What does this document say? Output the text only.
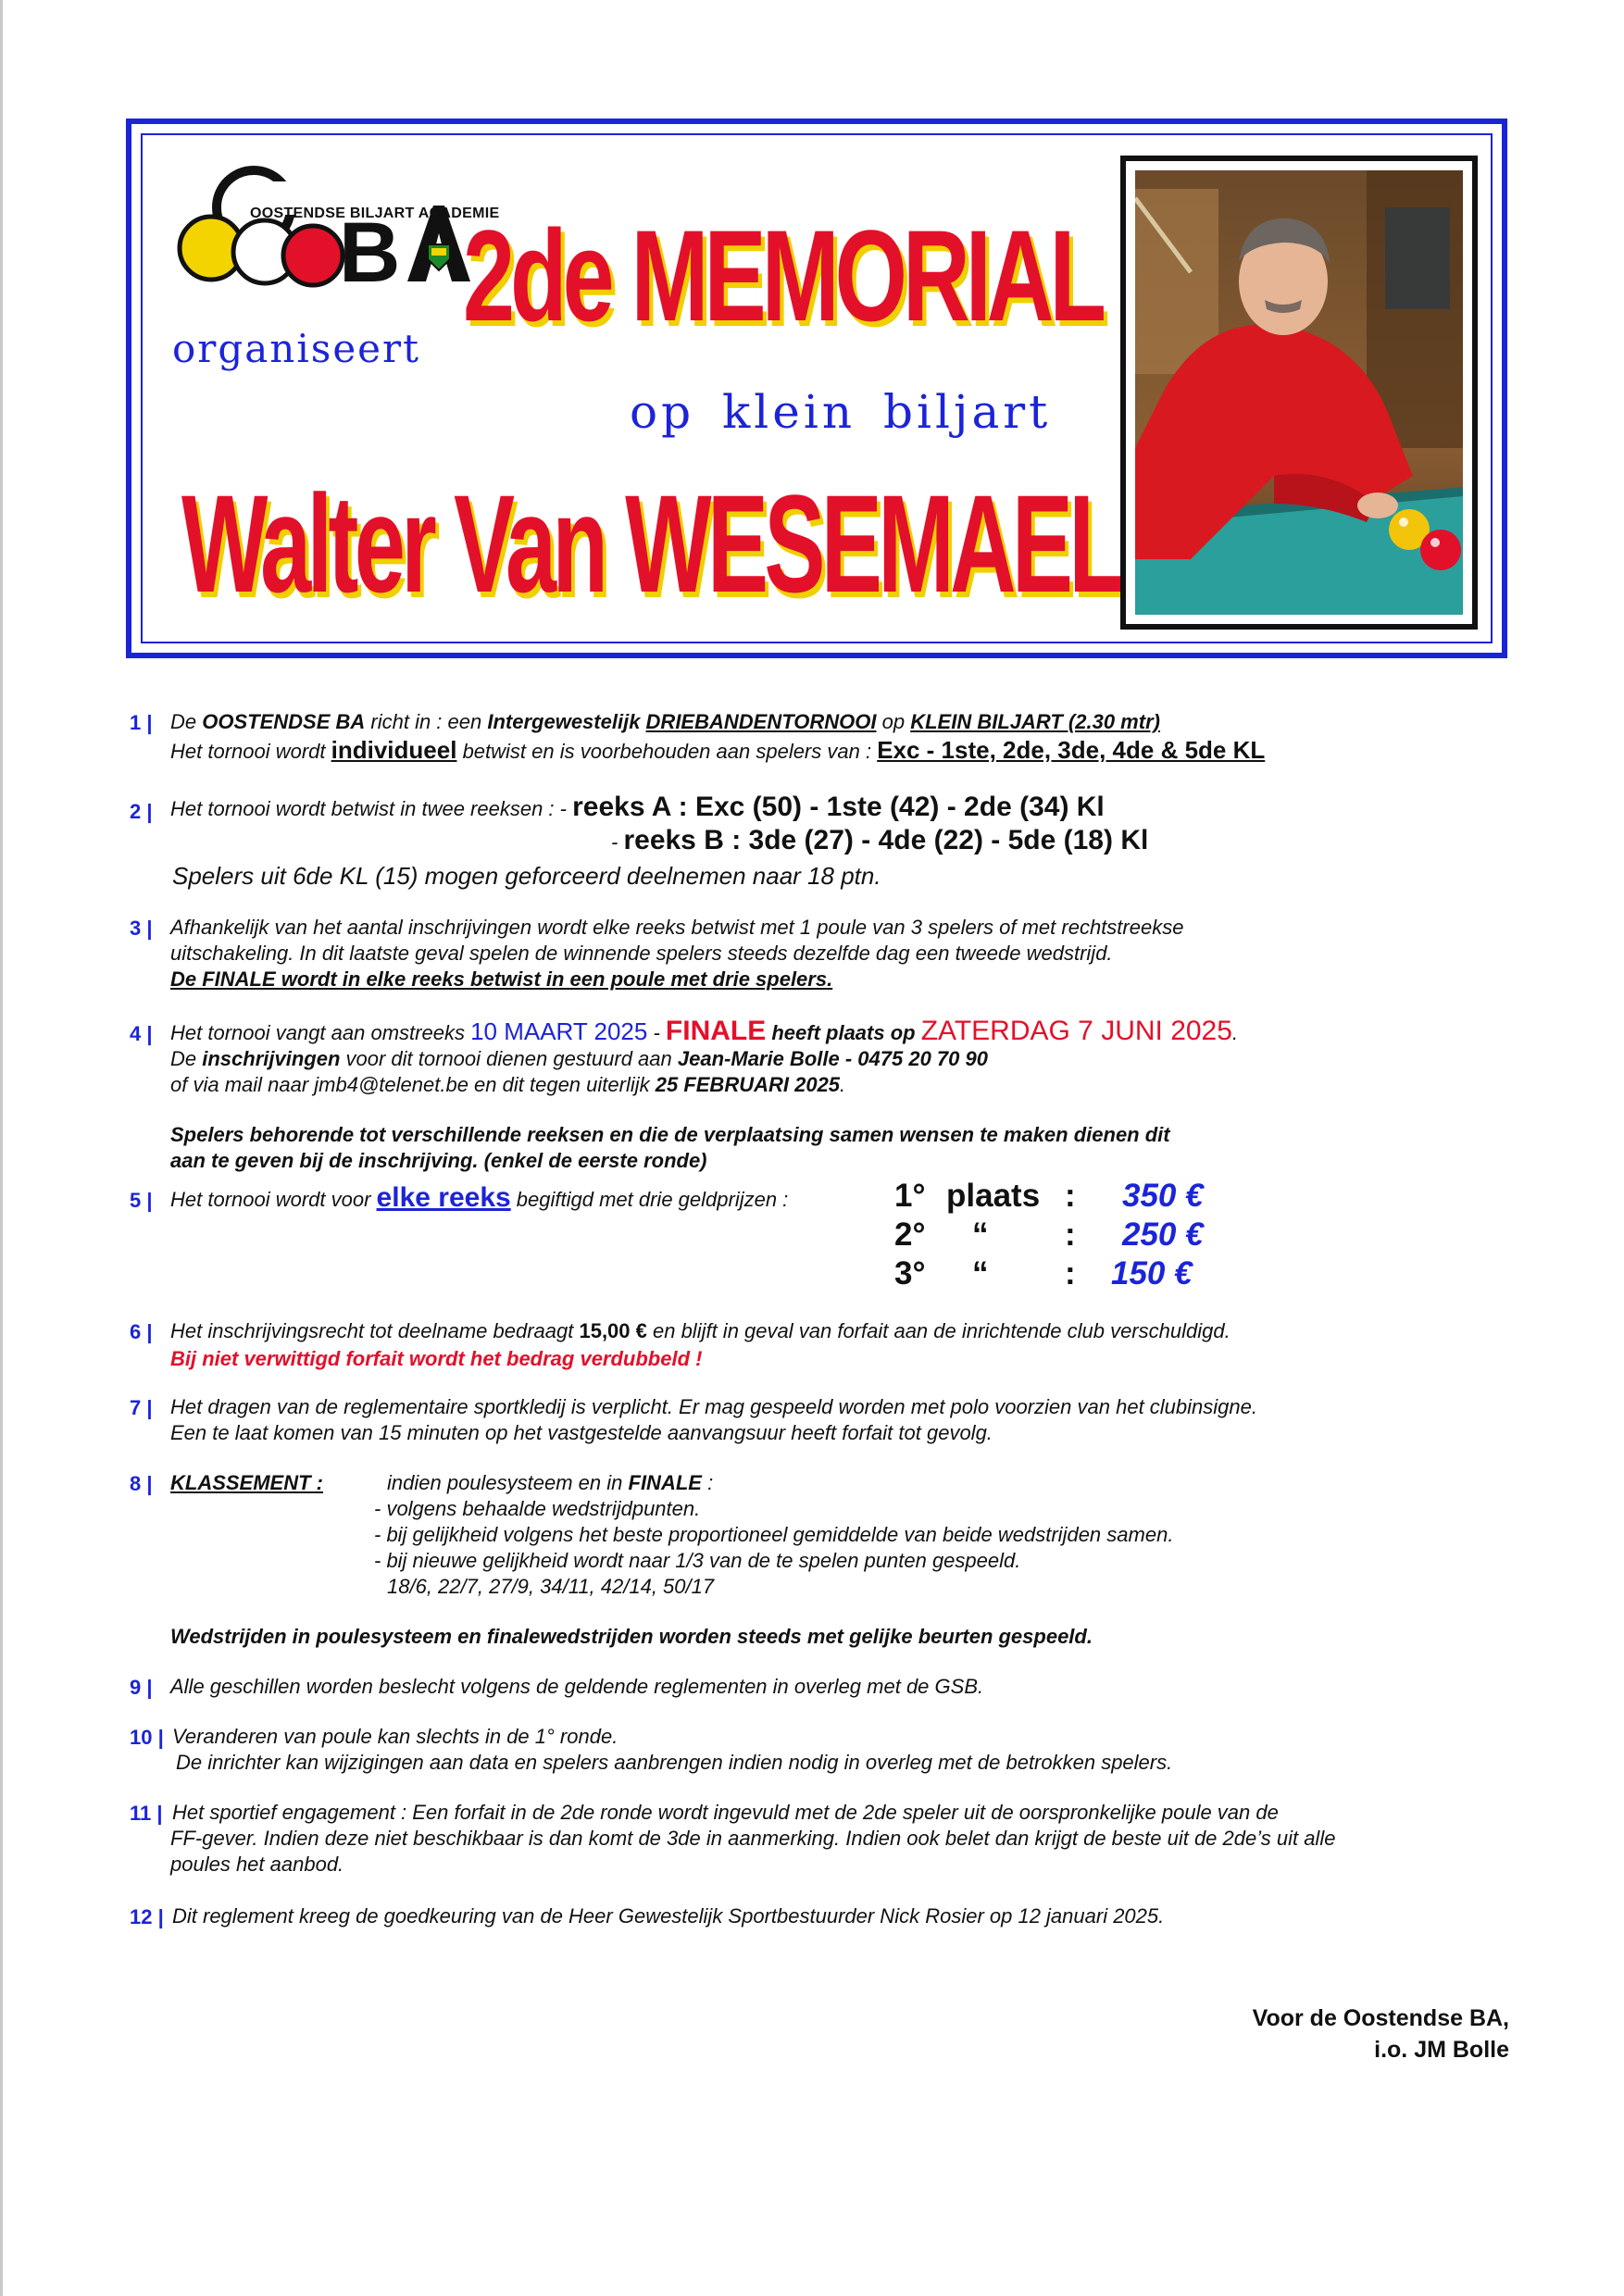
B
OOSTENDSE BILJART ACADEMIE
organiseert
2de MEMORIAL
op klein biljart
Walter Van WESEMAEL
1 | De OOSTENDSE BA richt in : een Intergewestelijk DRIEBANDENTORNOOI op KLEIN BILJART (2.30 mtr)
Het tornooi wordt individueel betwist en is voorbehouden aan spelers van : Exc - 1ste, 2de, 3de, 4de & 5de KL
2 | Het tornooi wordt betwist in twee reeksen : - reeks A : Exc (50) - 1ste (42) - 2de (34) Kl
- reeks B : 3de (27) - 4de (22) - 5de (18) Kl
Spelers uit 6de KL (15) mogen geforceerd deelnemen naar 18 ptn.
3 | Afhankelijk van het aantal inschrijvingen wordt elke reeks betwist met 1 poule van 3 spelers of met rechtstreekse
uitschakeling. In dit laatste geval spelen de winnende spelers steeds dezelfde dag een tweede wedstrijd.
De FINALE wordt in elke reeks betwist in een poule met drie spelers.
4 | Het tornooi vangt aan omstreeks 10 MAART 2025 - FINALE heeft plaats op ZATERDAG 7 JUNI 2025.
De inschrijvingen voor dit tornooi dienen gestuurd aan Jean-Marie Bolle - 0475 20 70 90
of via mail naar jmb4@telenet.be en dit tegen uiterlijk 25 FEBRUARI 2025.
Spelers behorende tot verschillende reeksen en die de verplaatsing samen wensen te maken dienen dit
aan te geven bij de inschrijving. (enkel de eerste ronde)
5 | Het tornooi wordt voor elke reeks begiftigd met drie geldprijzen :	1° plaats : 350 €
2° “ : 250 €
3° “ : 150 €
6 | Het inschrijvingsrecht tot deelname bedraagt 15,00 € en blijft in geval van forfait aan de inrichtende club verschuldigd.
Bij niet verwittigd forfait wordt het bedrag verdubbeld !
7 | Het dragen van de reglementaire sportkledij is verplicht. Er mag gespeeld worden met polo voorzien van het clubinsigne.
Een te laat komen van 15 minuten op het vastgestelde aanvangsuur heeft forfait tot gevolg.
8 | KLASSEMENT :	indien poulesysteem en in FINALE :
- volgens behaalde wedstrijdpunten.
- bij gelijkheid volgens het beste proportioneel gemiddelde van beide wedstrijden samen.
- bij nieuwe gelijkheid wordt naar 1/3 van de te spelen punten gespeeld.
18/6, 22/7, 27/9, 34/11, 42/14, 50/17
Wedstrijden in poulesysteem en finalewedstrijden worden steeds met gelijke beurten gespeeld.
9 | Alle geschillen worden beslecht volgens de geldende reglementen in overleg met de GSB.
10 | Veranderen van poule kan slechts in de 1° ronde.
De inrichter kan wijzigingen aan data en spelers aanbrengen indien nodig in overleg met de betrokken spelers.
11 | Het sportief engagement : Een forfait in de 2de ronde wordt ingevuld met de 2de speler uit de oorspronkelijke poule van de
FF-gever. Indien deze niet beschikbaar is dan komt de 3de in aanmerking. Indien ook belet dan krijgt de beste uit de 2de’s uit alle
poules het aanbod.
12 | Dit reglement kreeg de goedkeuring van de Heer Gewestelijk Sportbestuurder Nick Rosier op 12 januari 2025.
Voor de Oostendse BA,
i.o. JM Bolle
